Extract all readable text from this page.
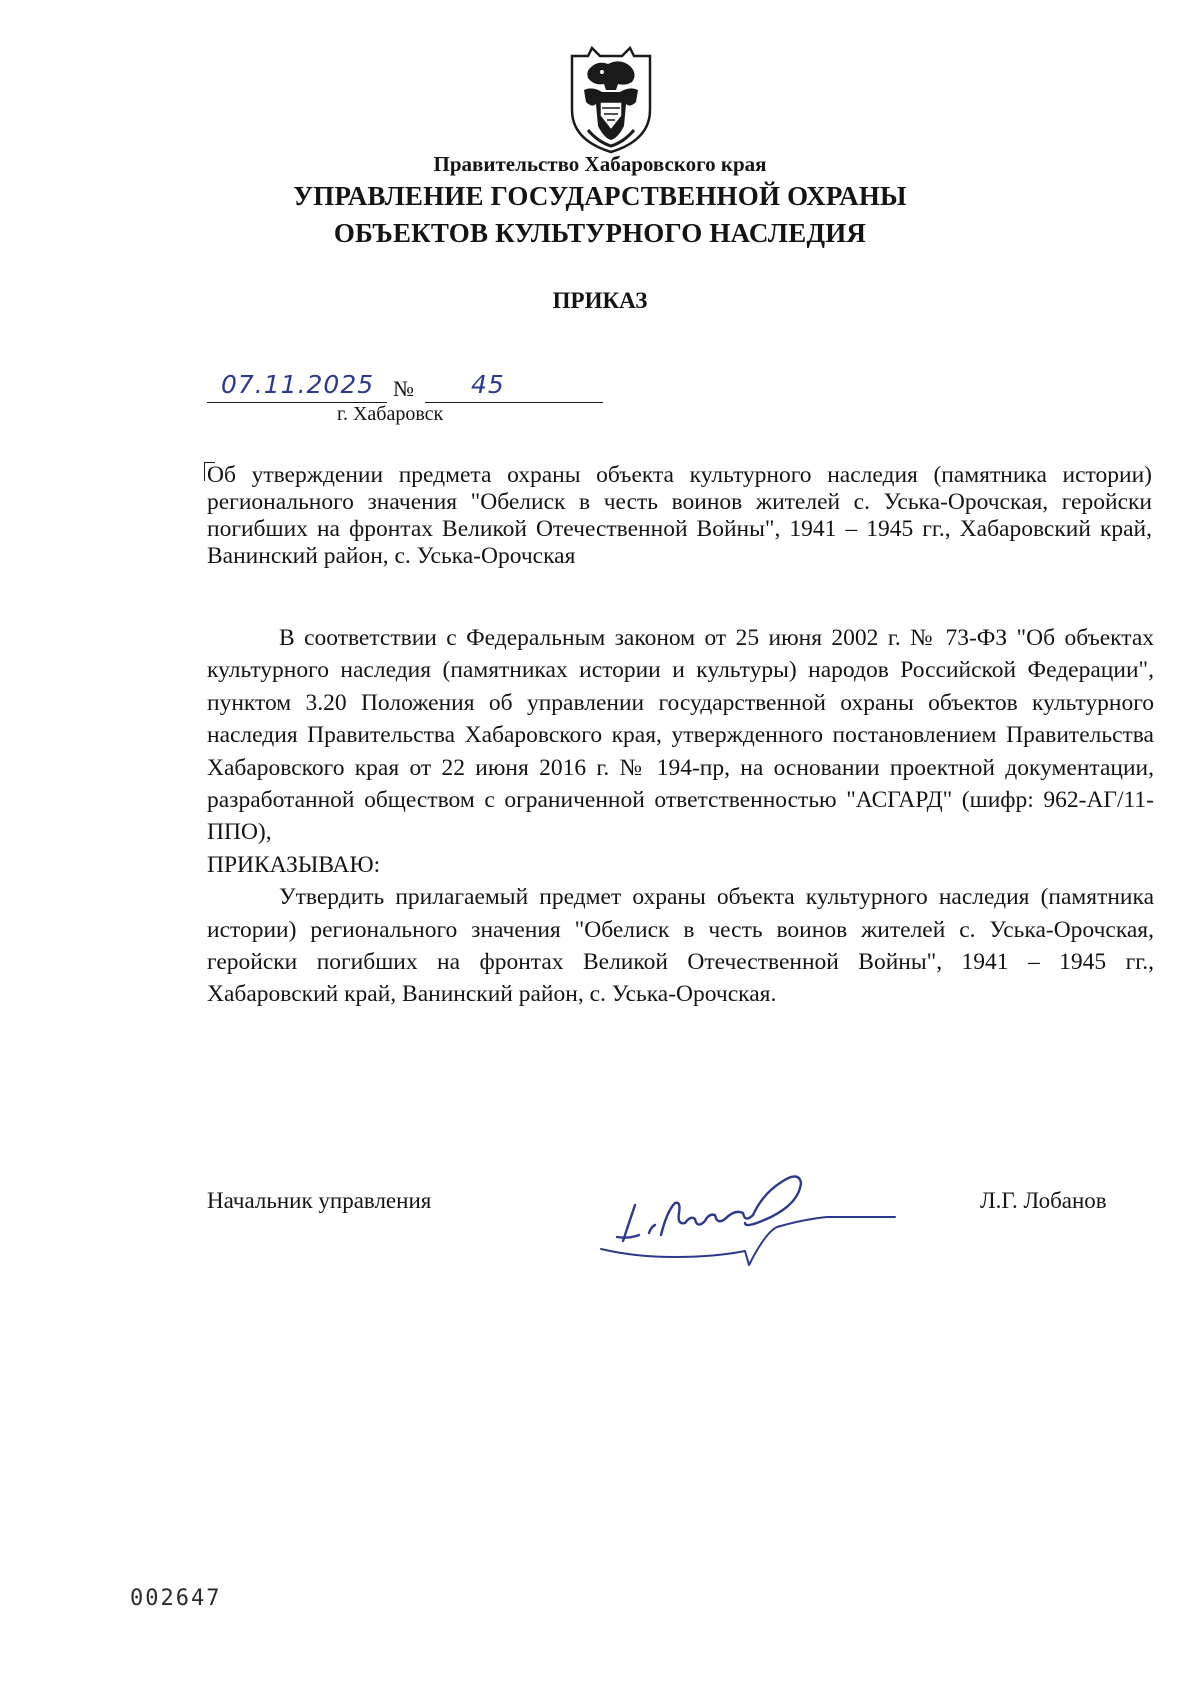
Правительство Хабаровского края
УПРАВЛЕНИЕ ГОСУДАРСТВЕННОЙ ОХРАНЫ
ОБЪЕКТОВ КУЛЬТУРНОГО НАСЛЕДИЯ
ПРИКАЗ
07.11.2025 № 45
г. Хабаровск
Об утверждении предмета охраны объекта культурного наследия (памятника истории) регионального значения "Обелиск в честь воинов жителей с. Уська-Орочская, геройски погибших на фронтах Великой Отечественной Войны", 1941 – 1945 гг., Хабаровский край, Ванинский район, с. Уська-Орочская

В соответствии с Федеральным законом от 25 июня 2002 г. № 73-ФЗ "Об объектах культурного наследия (памятниках истории и культуры) народов Российской Федерации", пунктом 3.20 Положения об управлении государственной охраны объектов культурного наследия Правительства Хабаровского края, утвержденного постановлением Правительства Хабаровского края от 22 июня 2016 г. № 194-пр, на основании проектной документации, разработанной обществом с ограниченной ответственностью "АСГАРД" (шифр: 962-АГ/11-ППО),

ПРИКАЗЫВАЮ:

Утвердить прилагаемый предмет охраны объекта культурного наследия (памятника истории) регионального значения "Обелиск в честь воинов жителей с. Уська-Орочская, геройски погибших на фронтах Великой Отечественной Войны", 1941 – 1945 гг., Хабаровский край, Ванинский район, с. Уська-Орочская.

Начальник управления	Л.Г. Лобанов
002647
